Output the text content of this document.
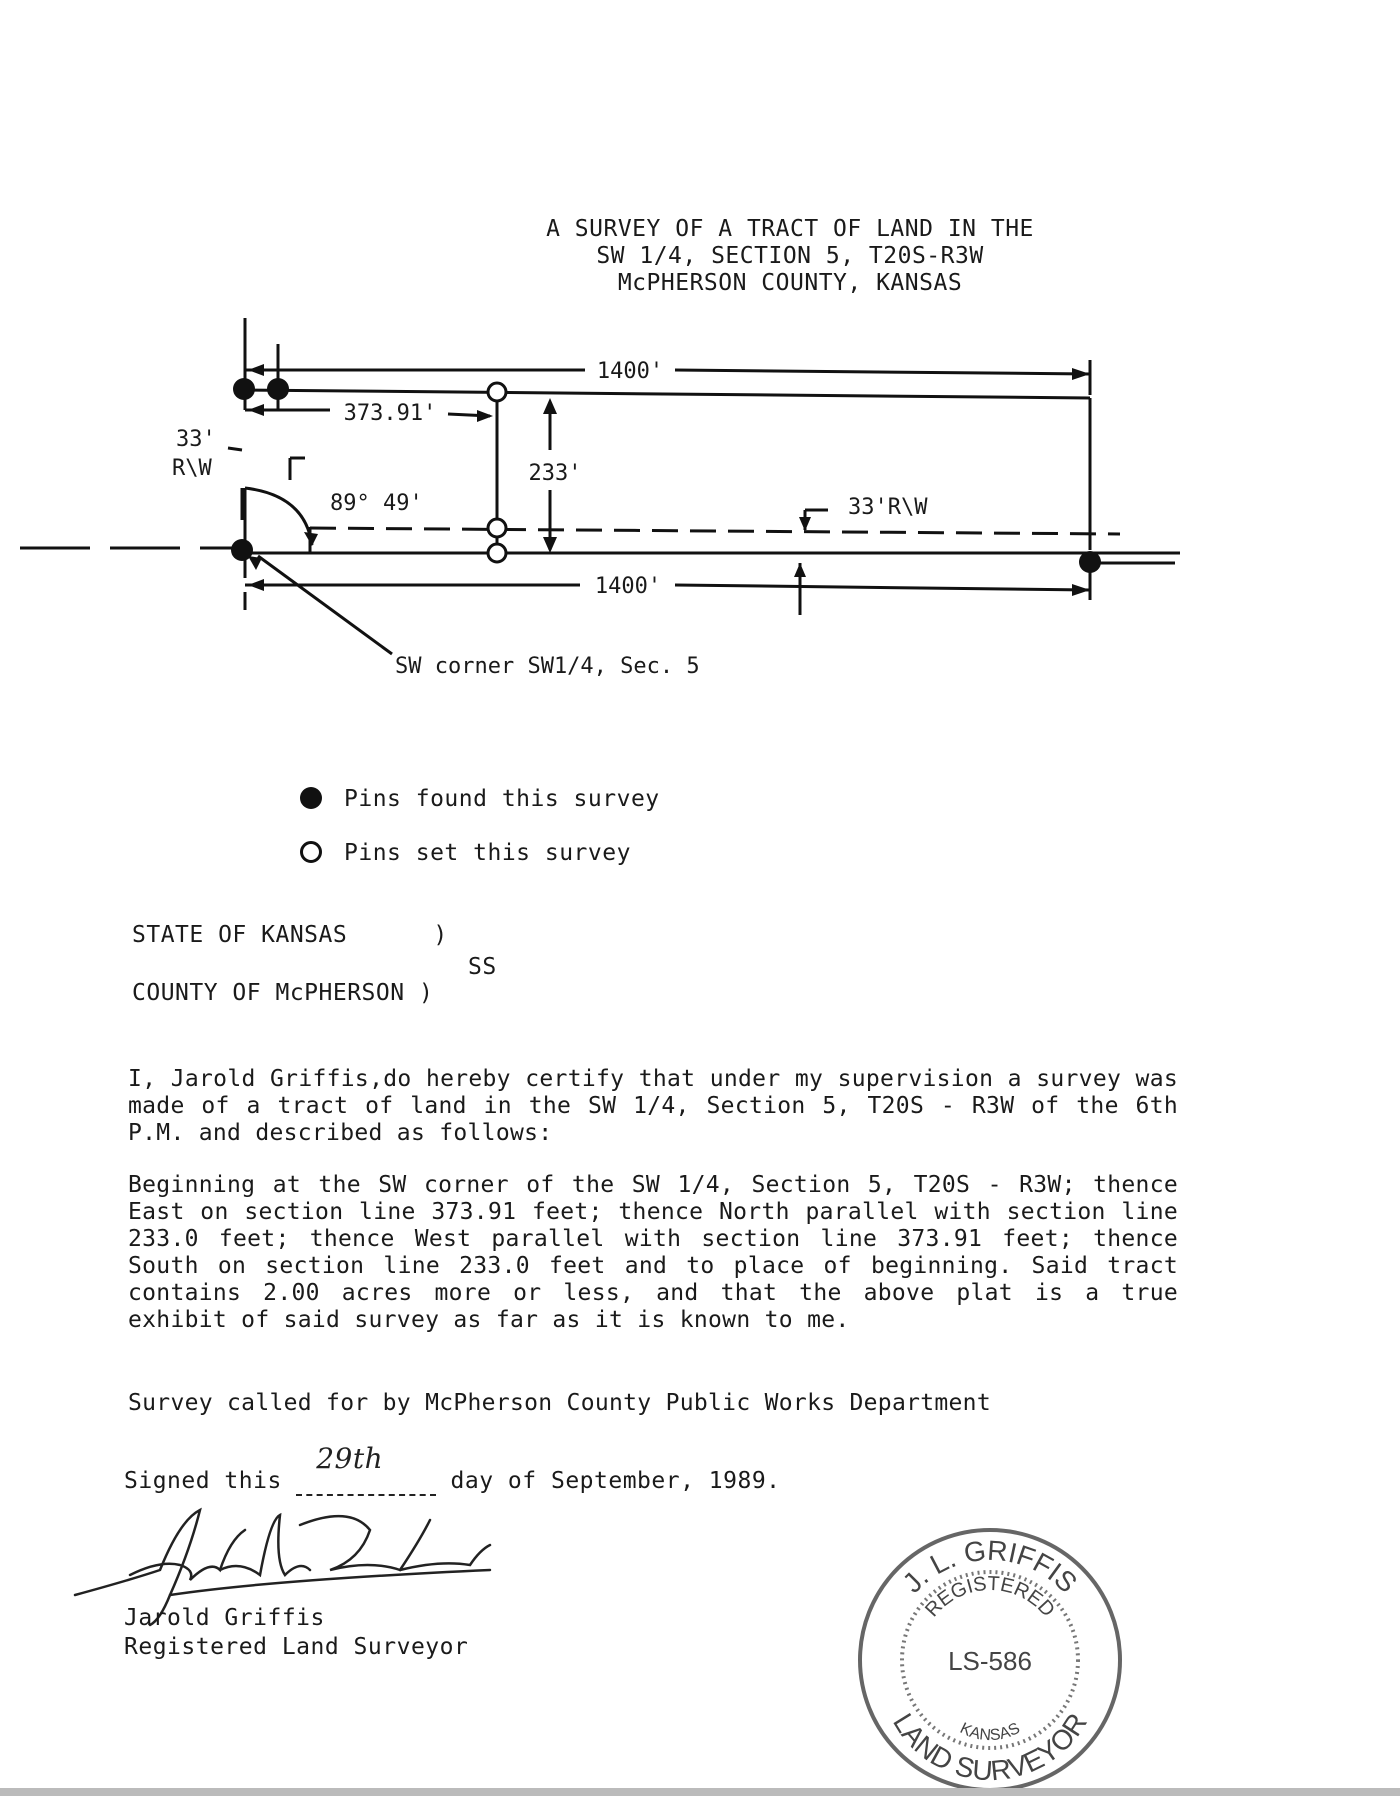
A SURVEY OF A TRACT OF LAND IN THE
SW 1/4, SECTION 5, T20S-R3W
McPHERSON COUNTY, KANSAS
1400'
373.91'
233'
33'
R\W
89° 49'	33'R\W
1400'
SW corner SW1/4, Sec. 5
Pins found this survey
Pins set this survey
STATE OF KANSAS	)
SS
COUNTY OF McPHERSON )
I, Jarold Griffis,do hereby certify that under my supervision a survey was made of a tract of land in the SW 1/4, Section 5, T20S - R3W of the 6th P.M. and described as follows:
Beginning at the SW corner of the SW 1/4, Section 5, T20S - R3W; thence East on section line 373.91 feet; thence North parallel with section line 233.0 feet; thence West parallel with section line 373.91 feet; thence South on section line 233.0 feet and to place of beginning. Said tract contains 2.00 acres more or less, and that the above plat is a true exhibit of said survey as far as it is known to me.
Survey called for by McPherson County Public Works Department
Signed this
29th
day of September, 1989.
Jarold Griffis
Registered Land Surveyor
J. L. GRIFFIS
REGISTERED
LS-586
KANSAS
LAND SURVEYOR
